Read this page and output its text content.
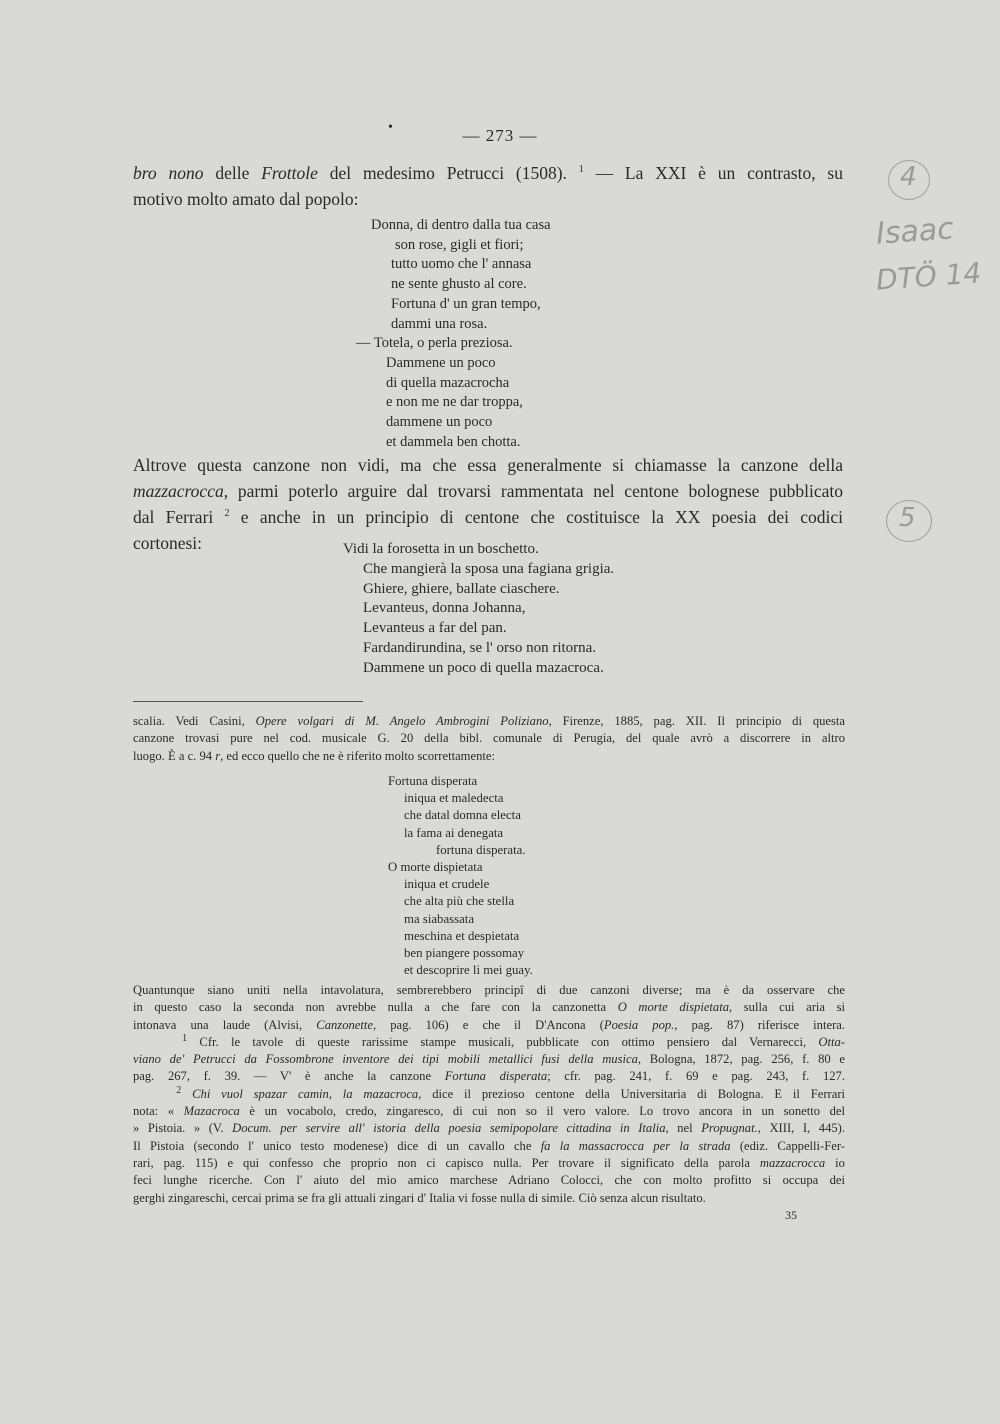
•	— 273 —
bro nono delle Frottole del medesimo Petrucci (1508). $^1$ — La XXI è un contrasto, su
motivo molto amato dal popolo:
Donna, di dentro dalla tua casa
son rose, gigli et fiori;
tutto uomo che l' annasa
ne sente ghusto al core.
Fortuna d' un gran tempo,
dammi una rosa.
— Totela, o perla preziosa.
Dammene un poco
di quella mazacrocha
e non me ne dar troppa,
dammene un poco
et dammela ben chotta.
Altrove questa canzone non vidi, ma che essa generalmente si chiamasse la canzone della
mazzacrocca, parmi poterlo arguire dal trovarsi rammentata nel centone bolognese pubblicato
dal Ferrari $^2$ e anche in un principio di centone che costituisce la XX poesia dei codici
cortonesi:	Vidi la forosetta in un boschetto.
Che mangierà la sposa una fagiana grigia.
Ghiere, ghiere, ballate ciaschere.
Levanteus, donna Johanna,
Levanteus a far del pan.
Fardandirundina, se l' orso non ritorna.
Dammene un poco di quella mazacroca.
scalia. Vedi Casini, Opere volgari di M. Angelo Ambrogini Poliziano, Firenze, 1885, pag. XII. Il principio di questa
canzone trovasi pure nel cod. musicale G. 20 della bibl. comunale di Perugia, del quale avrò a discorrere in altro
luogo. È a c. 94 r, ed ecco quello che ne è riferito molto scorrettamente:
Fortuna disperata
iniqua et maledecta
che datal domna electa
la fama ai denegata
fortuna disperata.
O morte dispietata
iniqua et crudele
che alta più che stella
ma siabassata
meschina et despietata
ben piangere possomay
et descoprire li mei guay.
Quantunque siano uniti nella intavolatura, sembrerebbero principî di due canzoni diverse; ma è da osservare che
in questo caso la seconda non avrebbe nulla a che fare con la canzonetta O morte dispietata, sulla cui aria si
intonava una laude (Alvisi, Canzonette, pag. 106) e che il D'Ancona (Poesia pop., pag. 87) riferisce intera.
$^1$ Cfr. le tavole di queste rarissime stampe musicali, pubblicate con ottimo pensiero dal Vernarecci, Otta-
viano de' Petrucci da Fossombrone inventore dei tipi mobili metallici fusi della musica, Bologna, 1872, pag. 256, f. 80 e
pag. 267, f. 39. — V' è anche la canzone Fortuna disperata; cfr. pag. 241, f. 69 e pag. 243, f. 127.
$^2$ Chi vuol spazar camin, la mazacroca, dice il prezioso centone della Universitaria di Bologna. E il Ferrari
nota: « Mazacroca è un vocabolo, credo, zingaresco, di cui non so il vero valore. Lo trovo ancora in un sonetto del
» Pistoia. » (V. Docum. per servire all' istoria della poesia semipopolare cittadina in Italia, nel Propugnat., XIII, I, 445).
Il Pistoia (secondo l' unico testo modenese) dice di un cavallo che fa la massacrocca per la strada (ediz. Cappelli-Fer-
rari, pag. 115) e qui confesso che proprio non ci capisco nulla. Per trovare il significato della parola mazzacrocca io
feci lunghe ricerche. Con l' aiuto del mio amico marchese Adriano Colocci, che con molto profitto si occupa dei
gerghi zingareschi, cercai prima se fra gli attuali zingari d' Italia vi fosse nulla di simile. Ciò senza alcun risultato.
35
4
Isaac
DTÖ 14
5
